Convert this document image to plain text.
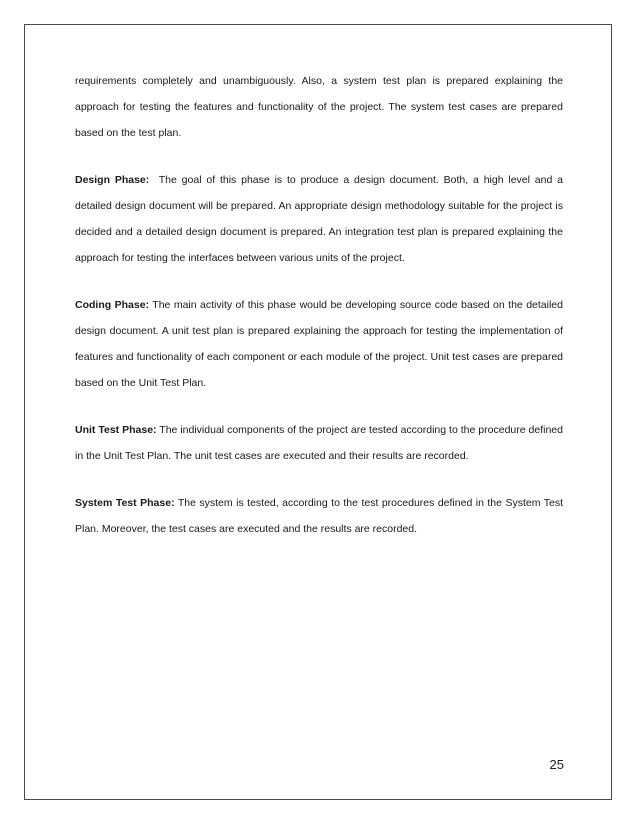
requirements completely and unambiguously. Also, a system test plan is prepared explaining the approach for testing the features and functionality of the project. The system test cases are prepared based on the test plan.

Design Phase:  The goal of this phase is to produce a design document. Both, a high level and a detailed design document will be prepared. An appropriate design methodology suitable for the project is decided and a detailed design document is prepared. An integration test plan is prepared explaining the approach for testing the interfaces between various units of the project.

Coding Phase: The main activity of this phase would be developing source code based on the detailed design document. A unit test plan is prepared explaining the approach for testing the implementation of features and functionality of each component or each module of the project. Unit test cases are prepared based on the Unit Test Plan.

Unit Test Phase: The individual components of the project are tested according to the procedure defined in the Unit Test Plan. The unit test cases are executed and their results are recorded.

System Test Phase: The system is tested, according to the test procedures defined in the System Test Plan. Moreover, the test cases are executed and the results are recorded.

25
